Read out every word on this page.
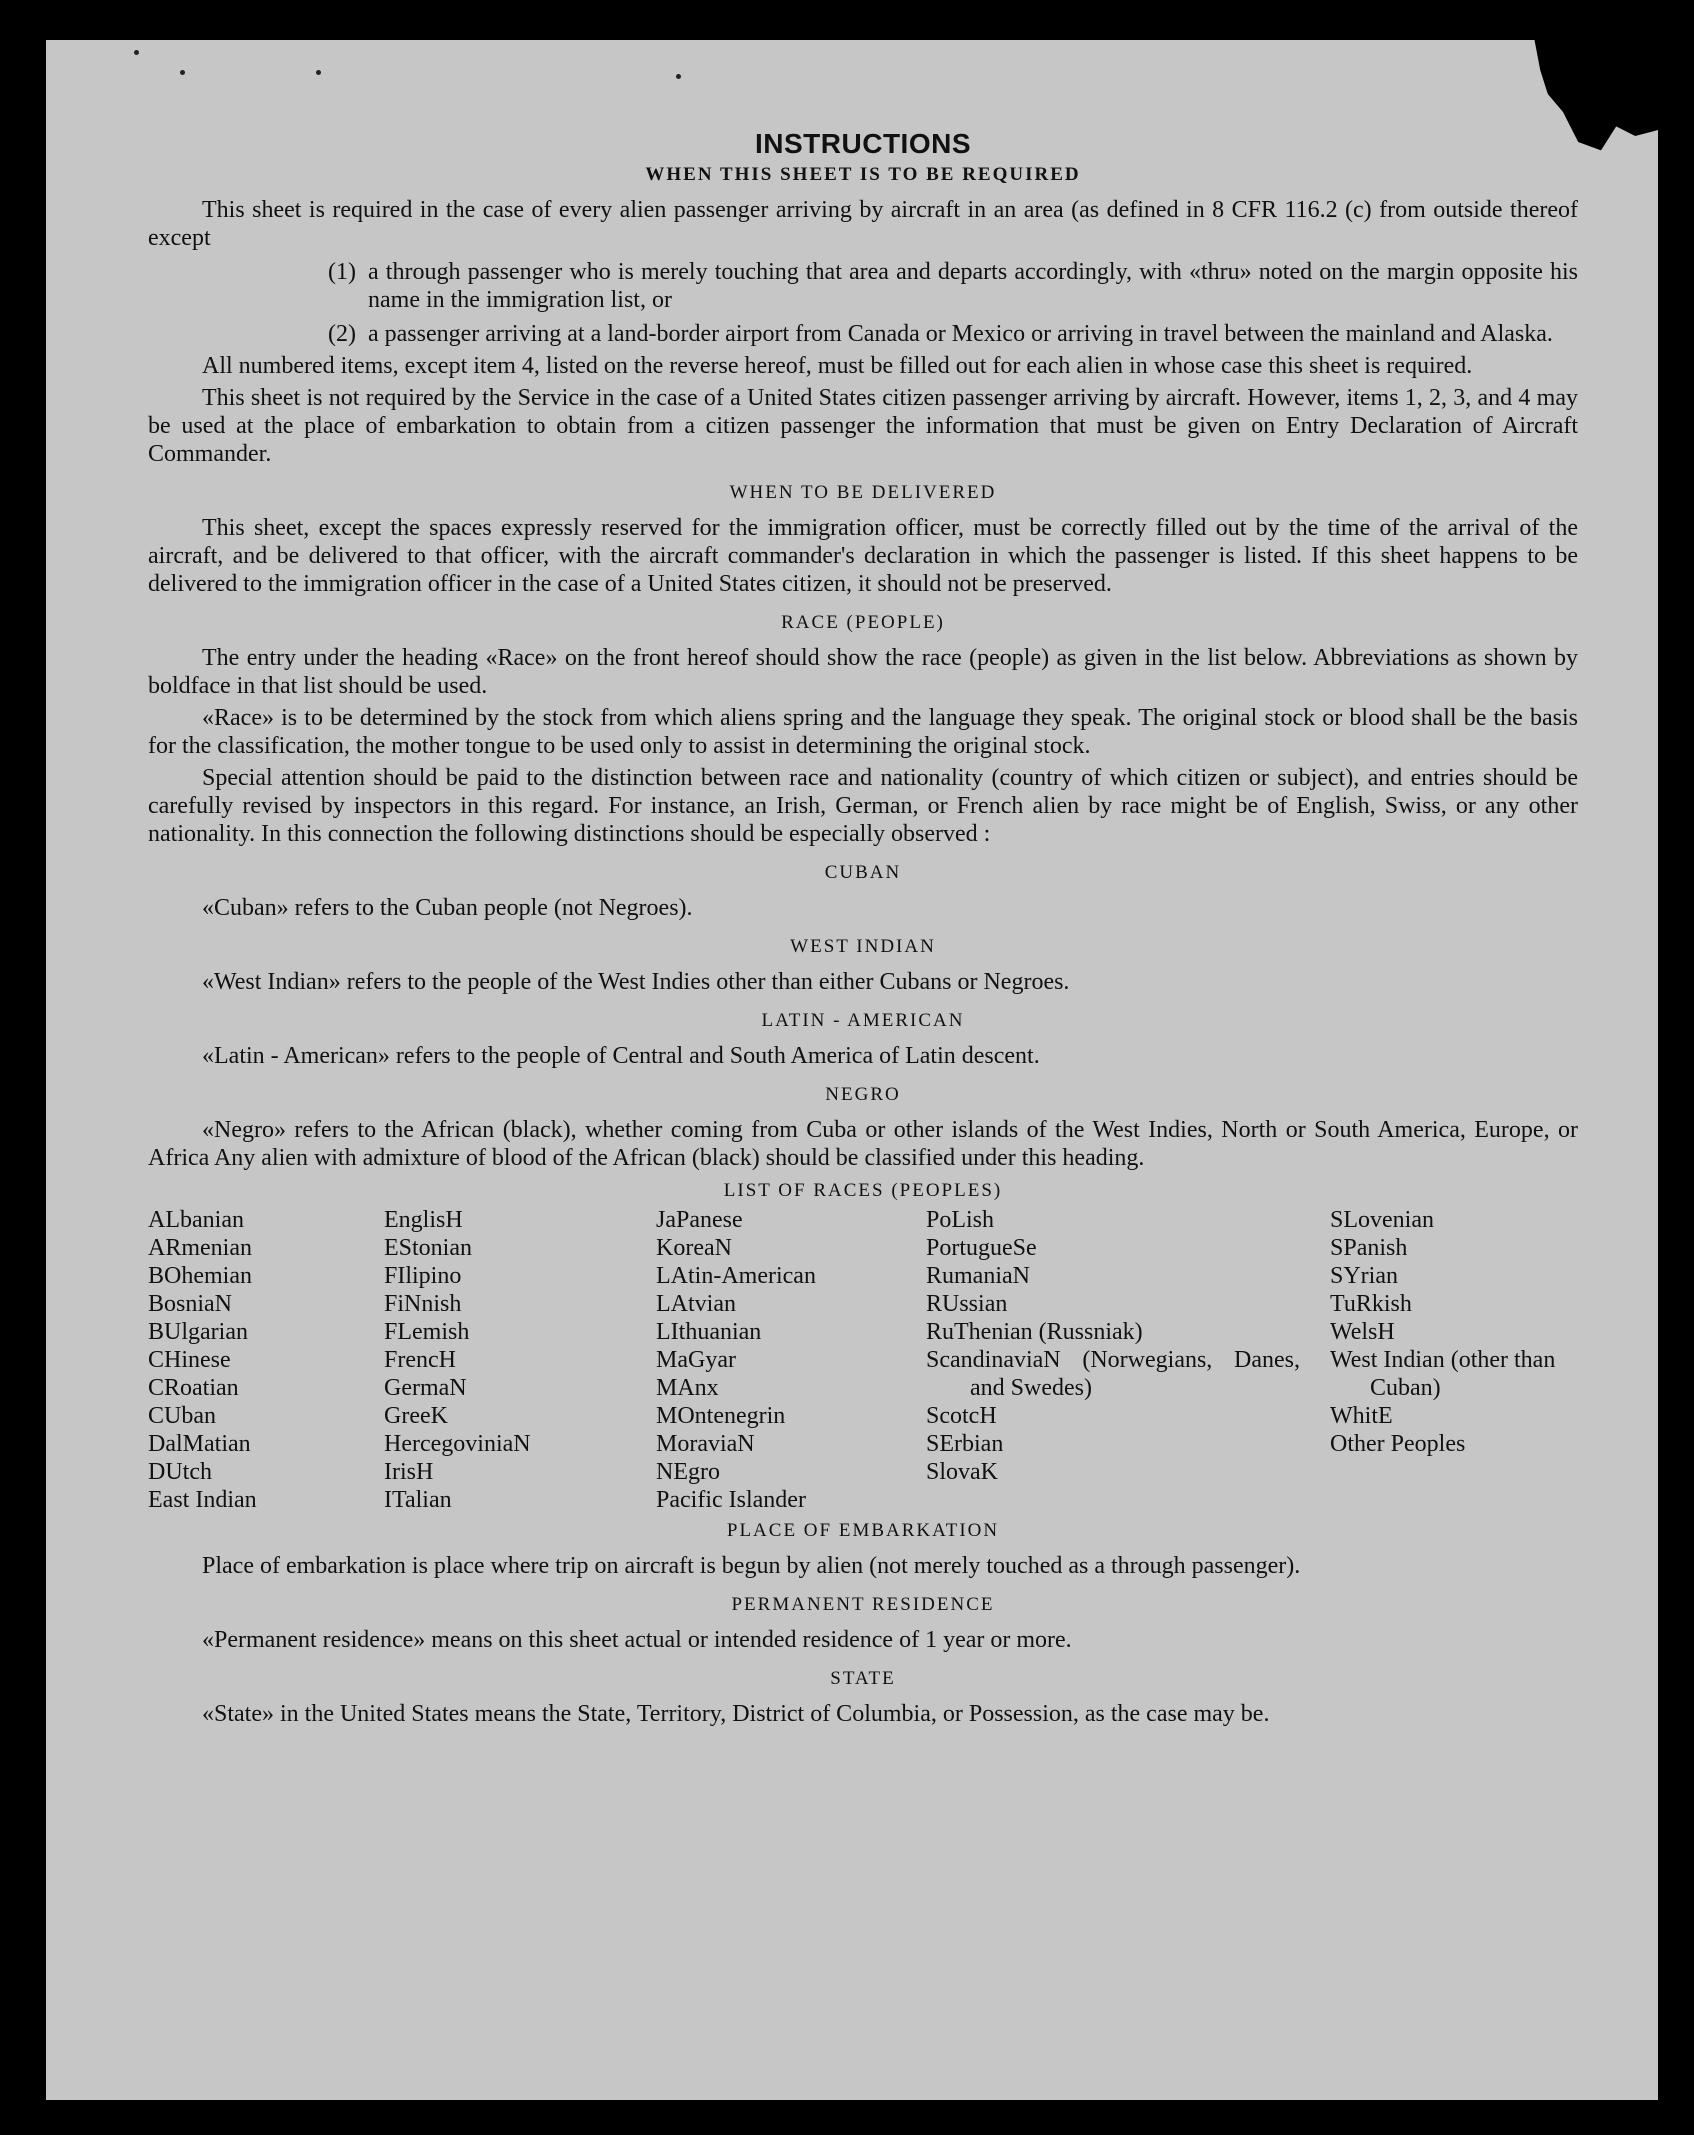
INSTRUCTIONS
WHEN THIS SHEET IS TO BE REQUIRED

This sheet is required in the case of every alien passenger arriving by aircraft in an area (as defined in 8 CFR 116.2 (c) from outside thereof except

(1) a through passenger who is merely touching that area and departs accordingly, with «thru» noted on the margin opposite his name in the immigration list, or
(2) a passenger arriving at a land-border airport from Canada or Mexico or arriving in travel between the mainland and Alaska.

All numbered items, except item 4, listed on the reverse hereof, must be filled out for each alien in whose case this sheet is required.

This sheet is not required by the Service in the case of a United States citizen passenger arriving by aircraft. However, items 1, 2, 3, and 4 may be used at the place of embarkation to obtain from a citizen passenger the information that must be given on Entry Declaration of Aircraft Commander.

WHEN TO BE DELIVERED

This sheet, except the spaces expressly reserved for the immigration officer, must be correctly filled out by the time of the arrival of the aircraft, and be delivered to that officer, with the aircraft commander's declaration in which the passenger is listed. If this sheet happens to be delivered to the immigration officer in the case of a United States citizen, it should not be preserved.

RACE (PEOPLE)

The entry under the heading «Race» on the front hereof should show the race (people) as given in the list below. Abbreviations as shown by boldface in that list should be used.

«Race» is to be determined by the stock from which aliens spring and the language they speak. The original stock or blood shall be the basis for the classification, the mother tongue to be used only to assist in determining the original stock.

Special attention should be paid to the distinction between race and nationality (country of which citizen or subject), and entries should be carefully revised by inspectors in this regard. For instance, an Irish, German, or French alien by race might be of English, Swiss, or any other nationality. In this connection the following distinctions should be especially observed :

CUBAN

«Cuban» refers to the Cuban people (not Negroes).

WEST INDIAN

«West Indian» refers to the people of the West Indies other than either Cubans or Negroes.

LATIN - AMERICAN

«Latin - American» refers to the people of Central and South America of Latin descent.

NEGRO

«Negro» refers to the African (black), whether coming from Cuba or other islands of the West Indies, North or South America, Europe, or Africa Any alien with admixture of blood of the African (black) should be classified under this heading.

LIST OF RACES (PEOPLES)
ALbanian
ARmenian
BOhemian
BosniaN
BUlgarian
CHinese
CRoatian
CUban
DalMatian
DUtch
East Indian
EnglisH
EStonian
FIlipino
FiNnish
FLemish
FrencH
GermaN
GreeK
HercegoviniaN
IrisH
ITalian
JaPanese
KoreaN
LAtin-American
LAtvian
LIthuanian
MaGyar
MAnx
MOntenegrin
MoraviaN
NEgro
Pacific Islander
PoLish
PortugueSe
RumaniaN
RUssian
RuThenian (Russniak)
ScandinaviaN (Norwegians, Danes, and Swedes)
ScotcH
SErbian
SlovaK
SLovenian
SPanish
SYrian
TuRkish
WelsH
West Indian (other than Cuban)
WhitE
Other Peoples
PLACE OF EMBARKATION

Place of embarkation is place where trip on aircraft is begun by alien (not merely touched as a through passenger).

PERMANENT RESIDENCE

«Permanent residence» means on this sheet actual or intended residence of 1 year or more.

STATE

«State» in the United States means the State, Territory, District of Columbia, or Possession, as the case may be.
